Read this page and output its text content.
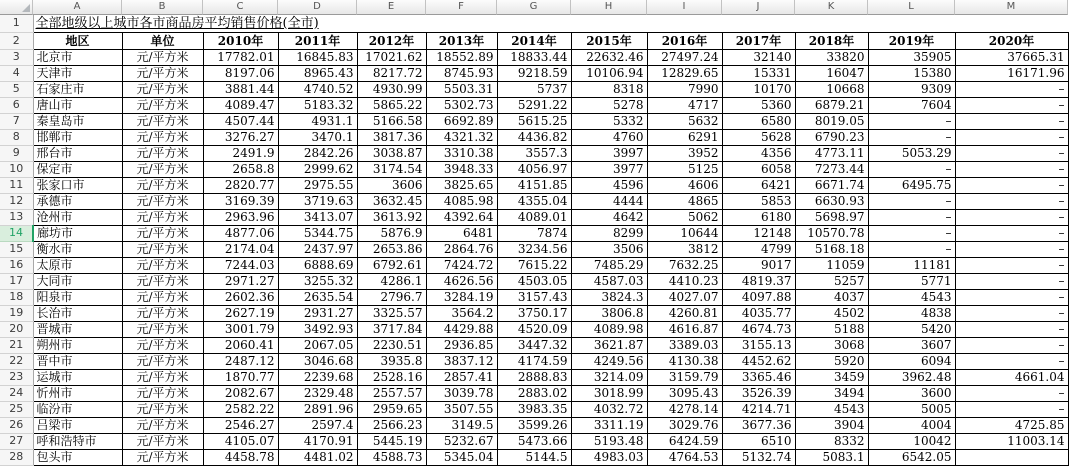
A	B	C	D	E	F	G	H	I	J	K	L	M
1	全部地级以上城市各市商品房平均销售价格(全市)												
2	地区	单位	2010年	2011年	2012年	2013年	2014年	2015年	2016年	2017年	2018年	2019年	2020年
3	北京市	元/平方米	17782.01	16845.83	17021.62	18552.89	18833.44	22632.46	27497.24	32140	33820	35905	37665.31
4	天津市	元/平方米	8197.06	8965.43	8217.72	8745.93	9218.59	10106.94	12829.65	15331	16047	15380	16171.96
5	石家庄市	元/平方米	3881.44	4740.52	4930.99	5503.31	5737	8318	7990	10170	10668	9309	–
6	唐山市	元/平方米	4089.47	5183.32	5865.22	5302.73	5291.22	5278	4717	5360	6879.21	7604	–
7	秦皇岛市	元/平方米	4507.44	4931.1	5166.58	6692.89	5615.25	5332	5632	6580	8019.05	–	–
8	邯郸市	元/平方米	3276.27	3470.1	3817.36	4321.32	4436.82	4760	6291	5628	6790.23	–	–
9	邢台市	元/平方米	2491.9	2842.26	3038.87	3310.38	3557.3	3997	3952	4356	4773.11	5053.29	–
10	保定市	元/平方米	2658.8	2999.62	3174.54	3948.33	4056.97	3977	5125	6058	7273.44	–	–
11	张家口市	元/平方米	2820.77	2975.55	3606	3825.65	4151.85	4596	4606	6421	6671.74	6495.75	–
12	承德市	元/平方米	3169.39	3719.63	3632.45	4085.98	4355.04	4444	4865	5853	6630.93	–	–
13	沧州市	元/平方米	2963.96	3413.07	3613.92	4392.64	4089.01	4642	5062	6180	5698.97	–	–
14	廊坊市	元/平方米	4877.06	5344.75	5876.9	6481	7874	8299	10644	12148	10570.78	–	–
15	衡水市	元/平方米	2174.04	2437.97	2653.86	2864.76	3234.56	3506	3812	4799	5168.18	–	–
16	太原市	元/平方米	7244.03	6888.69	6792.61	7424.72	7615.22	7485.29	7632.25	9017	11059	11181	–
17	大同市	元/平方米	2971.27	3255.32	4286.1	4626.56	4503.05	4587.03	4410.23	4819.37	5257	5771	–
18	阳泉市	元/平方米	2602.36	2635.54	2796.7	3284.19	3157.43	3824.3	4027.07	4097.88	4037	4543	–
19	长治市	元/平方米	2627.19	2931.27	3325.57	3564.2	3750.17	3806.8	4260.81	4035.77	4502	4838	–
20	晋城市	元/平方米	3001.79	3492.93	3717.84	4429.88	4520.09	4089.98	4616.87	4674.73	5188	5420	–
21	朔州市	元/平方米	2060.41	2067.05	2230.51	2936.85	3447.32	3621.87	3389.03	3155.13	3068	3607	–
22	晋中市	元/平方米	2487.12	3046.68	3935.8	3837.12	4174.59	4249.56	4130.38	4452.62	5920	6094	–
23	运城市	元/平方米	1870.77	2239.68	2528.16	2857.41	2888.83	3214.09	3159.79	3365.46	3459	3962.48	4661.04
24	忻州市	元/平方米	2082.67	2329.48	2557.57	3039.78	2883.02	3018.99	3095.43	3526.39	3494	3600	–
25	临汾市	元/平方米	2582.22	2891.96	2959.65	3507.55	3983.35	4032.72	4278.14	4214.71	4543	5005	–
26	吕梁市	元/平方米	2546.27	2597.4	2566.23	3149.5	3599.26	3311.19	3029.76	3677.36	3904	4004	4725.85
27	呼和浩特市	元/平方米	4105.07	4170.91	5445.19	5232.67	5473.66	5193.48	6424.59	6510	8332	10042	11003.14
28	包头市	元/平方米	4458.78	4481.02	4588.73	5345.04	5144.5	4983.03	4764.53	5132.74	5083.1	6542.05	
